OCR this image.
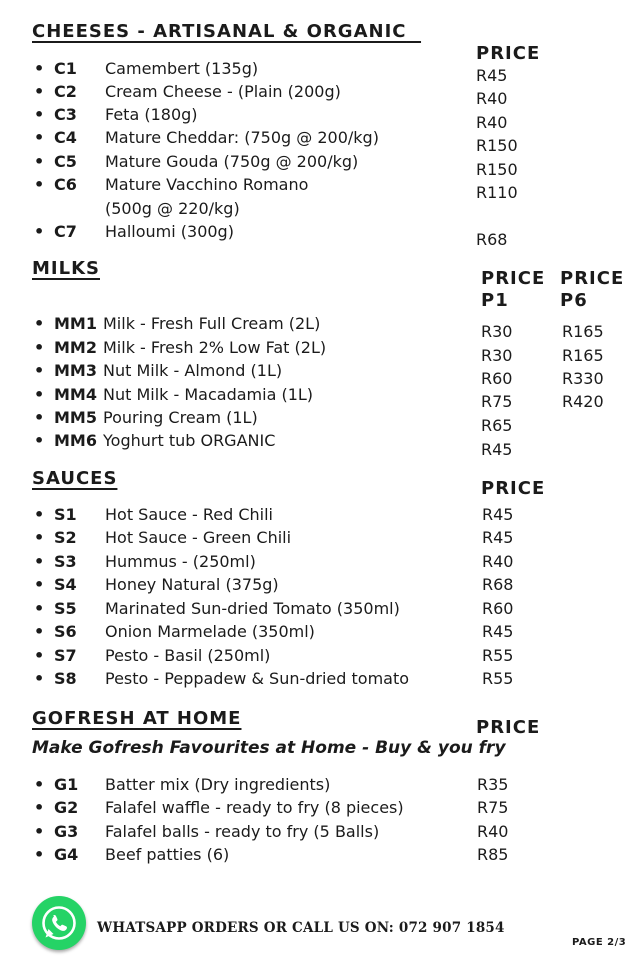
CHEESES - ARTISANAL & ORGANIC
PRICE
• C1 Camembert (135g)	R45
• C2 Cream Cheese - (Plain (200g)	R40
• C3 Feta (180g)	R40
• C4 Mature Cheddar: (750g @ 200/kg)	R150
• C5 Mature Gouda (750g @ 200/kg)	R150
• C6 Mature Vacchino Romano
(500g @ 220/kg)
R110
• C7 Halloumi (300g)	R68
MILKS	PRICE
P1
PRICE
P6
• MM1 Milk - Fresh Full Cream (2L)	R30	R165
• MM2 Milk - Fresh 2% Low Fat (2L)	R30	R165
• MM3 Nut Milk - Almond (1L)	R60	R330
• MM4 Nut Milk - Macadamia (1L)	R75	R420
• MM5 Pouring Cream (1L)	R65
• MM6 Yoghurt tub ORGANIC	R45
SAUCES	PRICE
• S1 Hot Sauce - Red Chili	R45
• S2 Hot Sauce - Green Chili	R45
• S3 Hummus - (250ml)	R40
• S4 Honey Natural (375g)	R68
• S5 Marinated Sun-dried Tomato (350ml)	R60
• S6 Onion Marmelade (350ml)	R45
• S7 Pesto - Basil (250ml)	R55
• S8 Pesto - Peppadew & Sun-dried tomato	R55
GOFRESH AT HOME	PRICE
Make Gofresh Favourites at Home - Buy & you fry
• G1 Batter mix (Dry ingredients)	R35
• G2 Falafel waffle - ready to fry (8 pieces)	R75
• G3 Falafel balls - ready to fry (5 Balls)	R40
• G4 Beef patties (6)	R85
WHATSAPP ORDERS OR CALL US ON: 072 907 1854
PAGE 2/3
